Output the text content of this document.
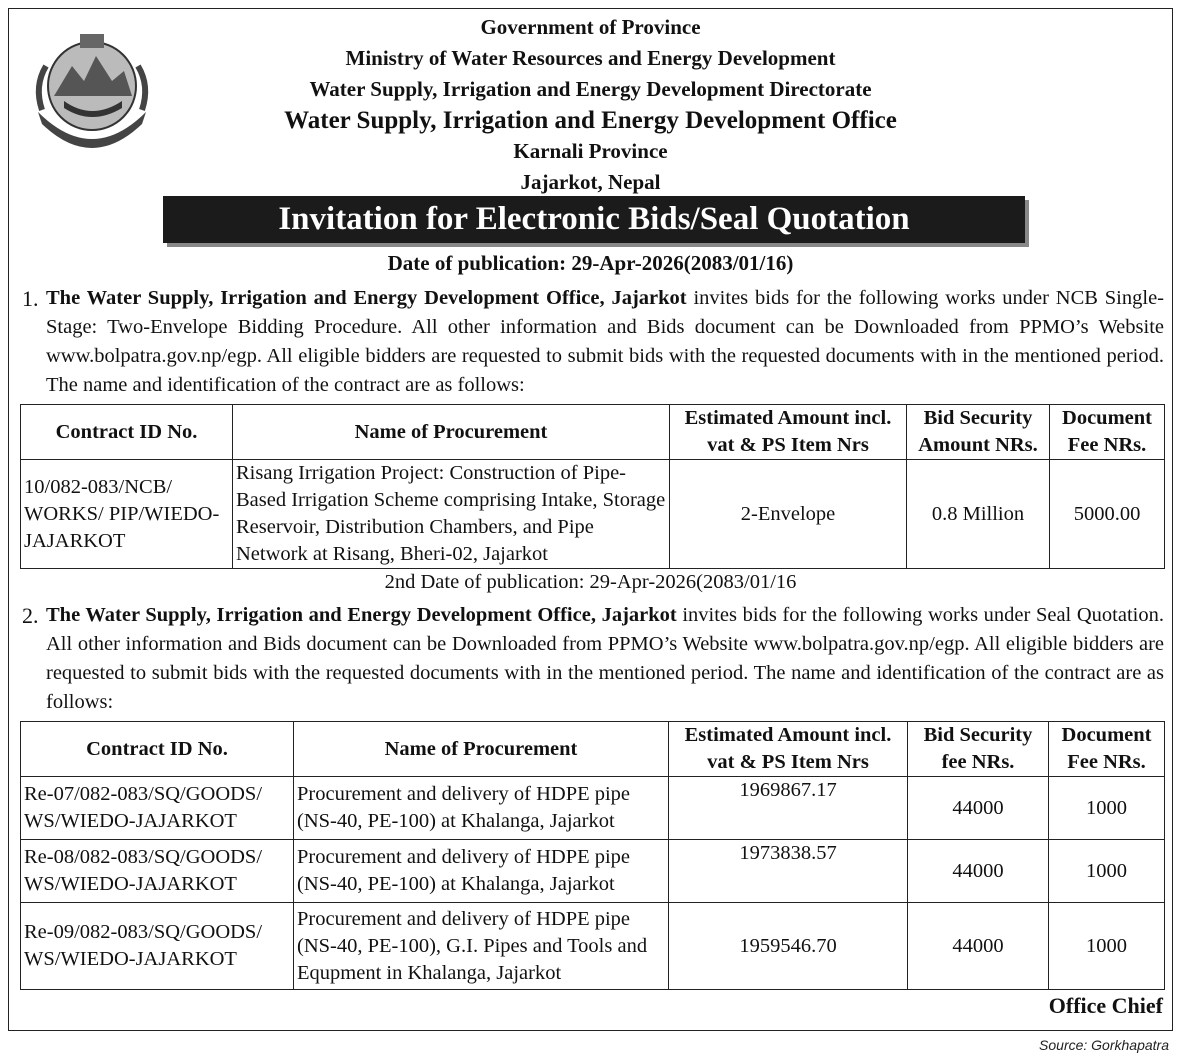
Government of Province
Ministry of Water Resources and Energy Development
Water Supply, Irrigation and Energy Development Directorate
Water Supply, Irrigation and Energy Development Office
Karnali Province
Jajarkot, Nepal
Invitation for Electronic Bids/Seal Quotation
Date of publication: 29-Apr-2026(2083/01/16)
1. The Water Supply, Irrigation and Energy Development Office, Jajarkot invites bids for the following works under NCB Single-Stage: Two-Envelope Bidding Procedure. All other information and Bids document can be Downloaded from PPMO’s Website www.bolpatra.gov.np/egp. All eligible bidders are requested to submit bids with the requested documents with in the mentioned period. The name and identification of the contract are as follows:
Contract ID No.	Name of Procurement	Estimated Amount incl. vat & PS Item Nrs	Bid Security Amount NRs.	Document Fee NRs.
10/082-083/NCB/ WORKS/ PIP/WIEDO- JAJARKOT	Risang Irrigation Project: Construction of Pipe-Based Irrigation Scheme comprising Intake, Storage Reservoir, Distribution Chambers, and Pipe Network at Risang, Bheri-02, Jajarkot	2-Envelope	0.8 Million	5000.00
2nd Date of publication: 29-Apr-2026(2083/01/16
2. The Water Supply, Irrigation and Energy Development Office, Jajarkot invites bids for the following works under Seal Quotation. All other information and Bids document can be Downloaded from PPMO’s Website www.bolpatra.gov.np/egp. All eligible bidders are requested to submit bids with the requested documents with in the mentioned period. The name and identification of the contract are as follows:
Contract ID No.	Name of Procurement	Estimated Amount incl. vat & PS Item Nrs	Bid Security fee NRs.	Document Fee NRs.
Re-07/082-083/SQ/GOODS/ WS/WIEDO-JAJARKOT	Procurement and delivery of HDPE pipe (NS-40, PE-100) at Khalanga, Jajarkot	1969867.17	44000	1000
Re-08/082-083/SQ/GOODS/ WS/WIEDO-JAJARKOT	Procurement and delivery of HDPE pipe (NS-40, PE-100) at Khalanga, Jajarkot	1973838.57	44000	1000
Re-09/082-083/SQ/GOODS/ WS/WIEDO-JAJARKOT	Procurement and delivery of HDPE pipe (NS-40, PE-100), G.I. Pipes and Tools and Equpment in Khalanga, Jajarkot	1959546.70	44000	1000
Office Chief
Source: Gorkhapatra
